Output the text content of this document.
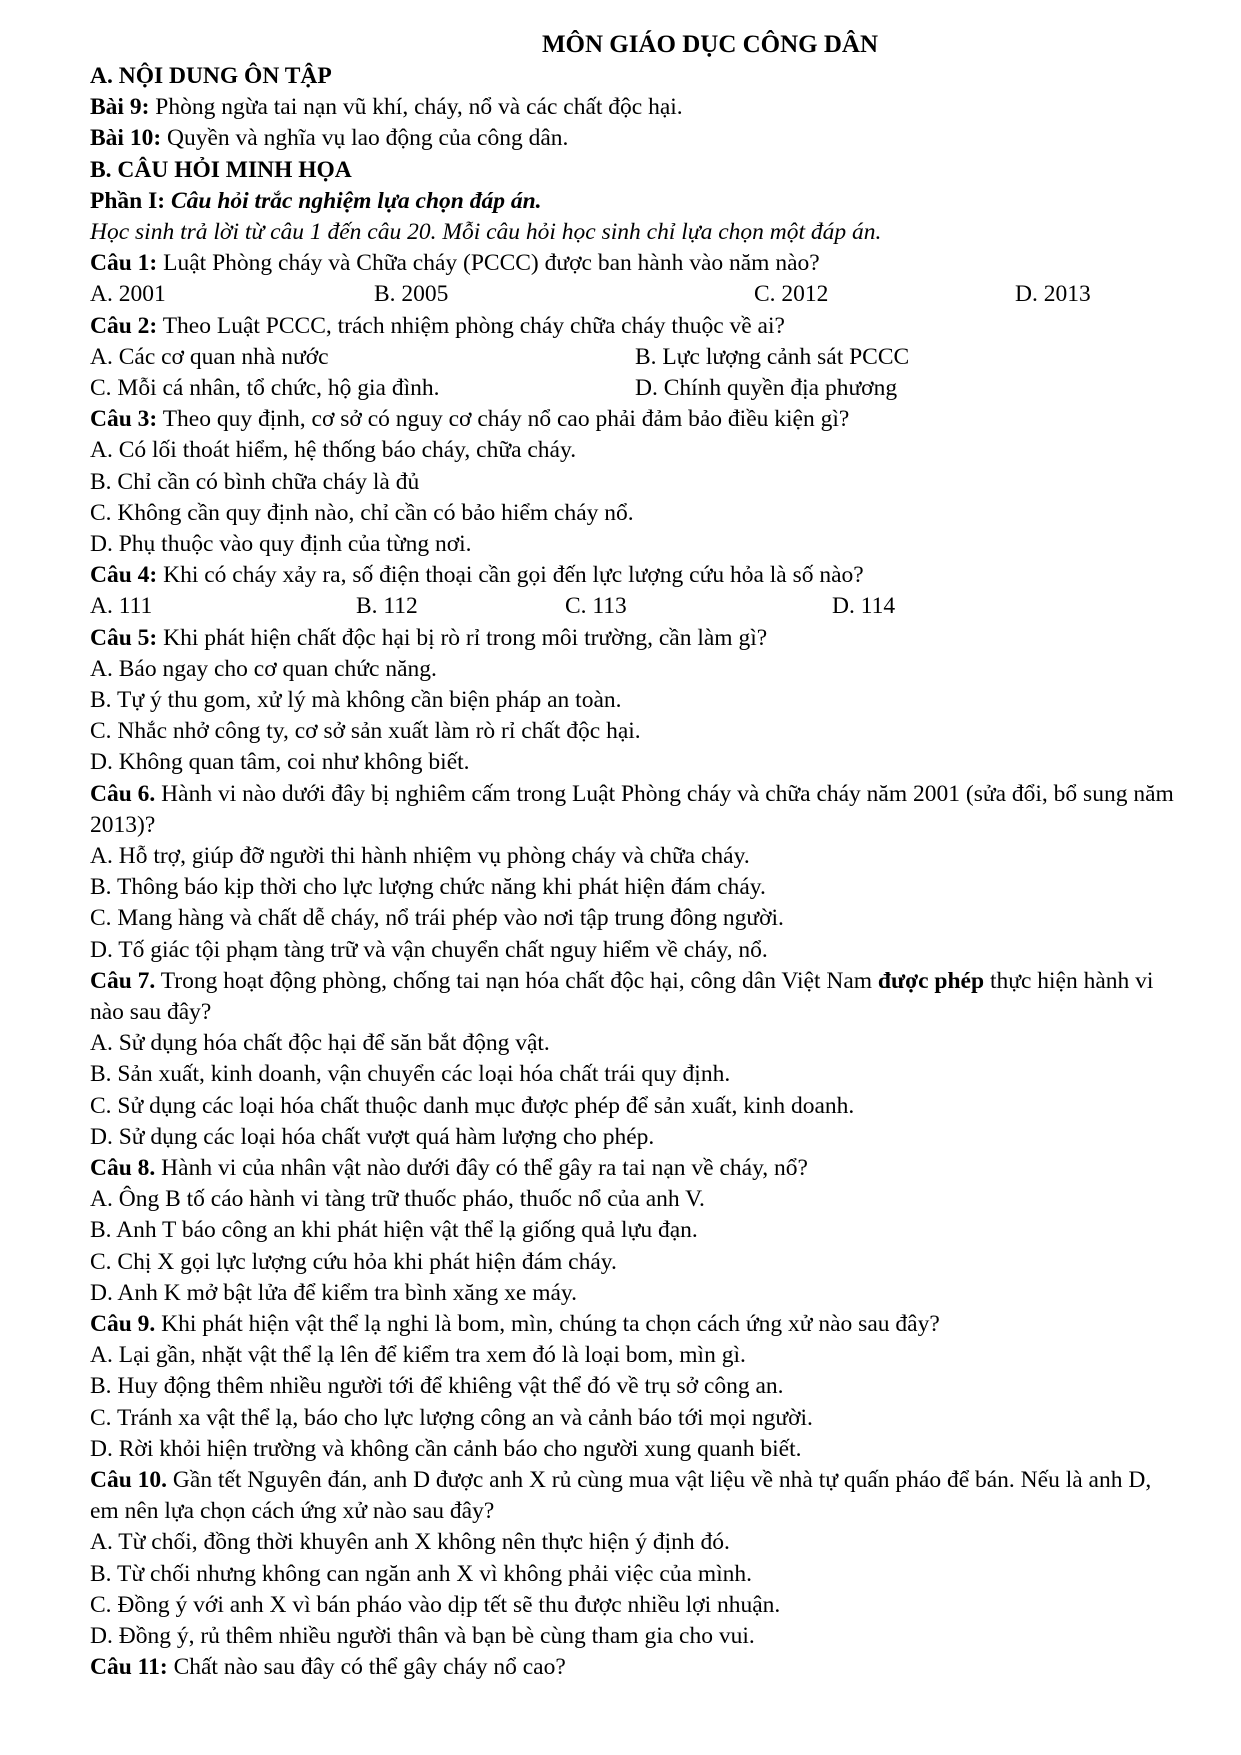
MÔN GIÁO DỤC CÔNG DÂN
A. NỘI DUNG ÔN TẬP
Bài 9: Phòng ngừa tai nạn vũ khí, cháy, nổ và các chất độc hại.
Bài 10: Quyền và nghĩa vụ lao động của công dân.
B. CÂU HỎI MINH HỌA
Phần I: Câu hỏi trắc nghiệm lựa chọn đáp án.
Học sinh trả lời từ câu 1 đến câu 20. Mỗi câu hỏi học sinh chỉ lựa chọn một đáp án.
Câu 1: Luật Phòng cháy và Chữa cháy (PCCC) được ban hành vào năm nào?
A. 2001	B. 2005	C. 2012	D. 2013
Câu 2: Theo Luật PCCC, trách nhiệm phòng cháy chữa cháy thuộc về ai?
A. Các cơ quan nhà nước	B. Lực lượng cảnh sát PCCC
C. Mỗi cá nhân, tổ chức, hộ gia đình.	D. Chính quyền địa phương
Câu 3: Theo quy định, cơ sở có nguy cơ cháy nổ cao phải đảm bảo điều kiện gì?
A. Có lối thoát hiểm, hệ thống báo cháy, chữa cháy.
B. Chỉ cần có bình chữa cháy là đủ
C. Không cần quy định nào, chỉ cần có bảo hiểm cháy nổ.
D. Phụ thuộc vào quy định của từng nơi.
Câu 4: Khi có cháy xảy ra, số điện thoại cần gọi đến lực lượng cứu hỏa là số nào?
A. 111	B. 112	C. 113	D. 114
Câu 5: Khi phát hiện chất độc hại bị rò rỉ trong môi trường, cần làm gì?
A. Báo ngay cho cơ quan chức năng.
B. Tự ý thu gom, xử lý mà không cần biện pháp an toàn.
C. Nhắc nhở công ty, cơ sở sản xuất làm rò rỉ chất độc hại.
D. Không quan tâm, coi như không biết.
Câu 6. Hành vi nào dưới đây bị nghiêm cấm trong Luật Phòng cháy và chữa cháy năm 2001 (sửa đổi, bổ sung năm 2013)?
A. Hỗ trợ, giúp đỡ người thi hành nhiệm vụ phòng cháy và chữa cháy.
B. Thông báo kịp thời cho lực lượng chức năng khi phát hiện đám cháy.
C. Mang hàng và chất dễ cháy, nổ trái phép vào nơi tập trung đông người.
D. Tố giác tội phạm tàng trữ và vận chuyển chất nguy hiểm về cháy, nổ.
Câu 7. Trong hoạt động phòng, chống tai nạn hóa chất độc hại, công dân Việt Nam được phép thực hiện hành vi nào sau đây?
A. Sử dụng hóa chất độc hại để săn bắt động vật.
B. Sản xuất, kinh doanh, vận chuyển các loại hóa chất trái quy định.
C. Sử dụng các loại hóa chất thuộc danh mục được phép để sản xuất, kinh doanh.
D. Sử dụng các loại hóa chất vượt quá hàm lượng cho phép.
Câu 8. Hành vi của nhân vật nào dưới đây có thể gây ra tai nạn về cháy, nổ?
A. Ông B tố cáo hành vi tàng trữ thuốc pháo, thuốc nổ của anh V.
B. Anh T báo công an khi phát hiện vật thể lạ giống quả lựu đạn.
C. Chị X gọi lực lượng cứu hỏa khi phát hiện đám cháy.
D. Anh K mở bật lửa để kiểm tra bình xăng xe máy.
Câu 9. Khi phát hiện vật thể lạ nghi là bom, mìn, chúng ta chọn cách ứng xử nào sau đây?
A. Lại gần, nhặt vật thể lạ lên để kiểm tra xem đó là loại bom, mìn gì.
B. Huy động thêm nhiều người tới để khiêng vật thể đó về trụ sở công an.
C. Tránh xa vật thể lạ, báo cho lực lượng công an và cảnh báo tới mọi người.
D. Rời khỏi hiện trường và không cần cảnh báo cho người xung quanh biết.
Câu 10. Gần tết Nguyên đán, anh D được anh X rủ cùng mua vật liệu về nhà tự quấn pháo để bán. Nếu là anh D, em nên lựa chọn cách ứng xử nào sau đây?
A. Từ chối, đồng thời khuyên anh X không nên thực hiện ý định đó.
B. Từ chối nhưng không can ngăn anh X vì không phải việc của mình.
C. Đồng ý với anh X vì bán pháo vào dịp tết sẽ thu được nhiều lợi nhuận.
D. Đồng ý, rủ thêm nhiều người thân và bạn bè cùng tham gia cho vui.
Câu 11: Chất nào sau đây có thể gây cháy nổ cao?
